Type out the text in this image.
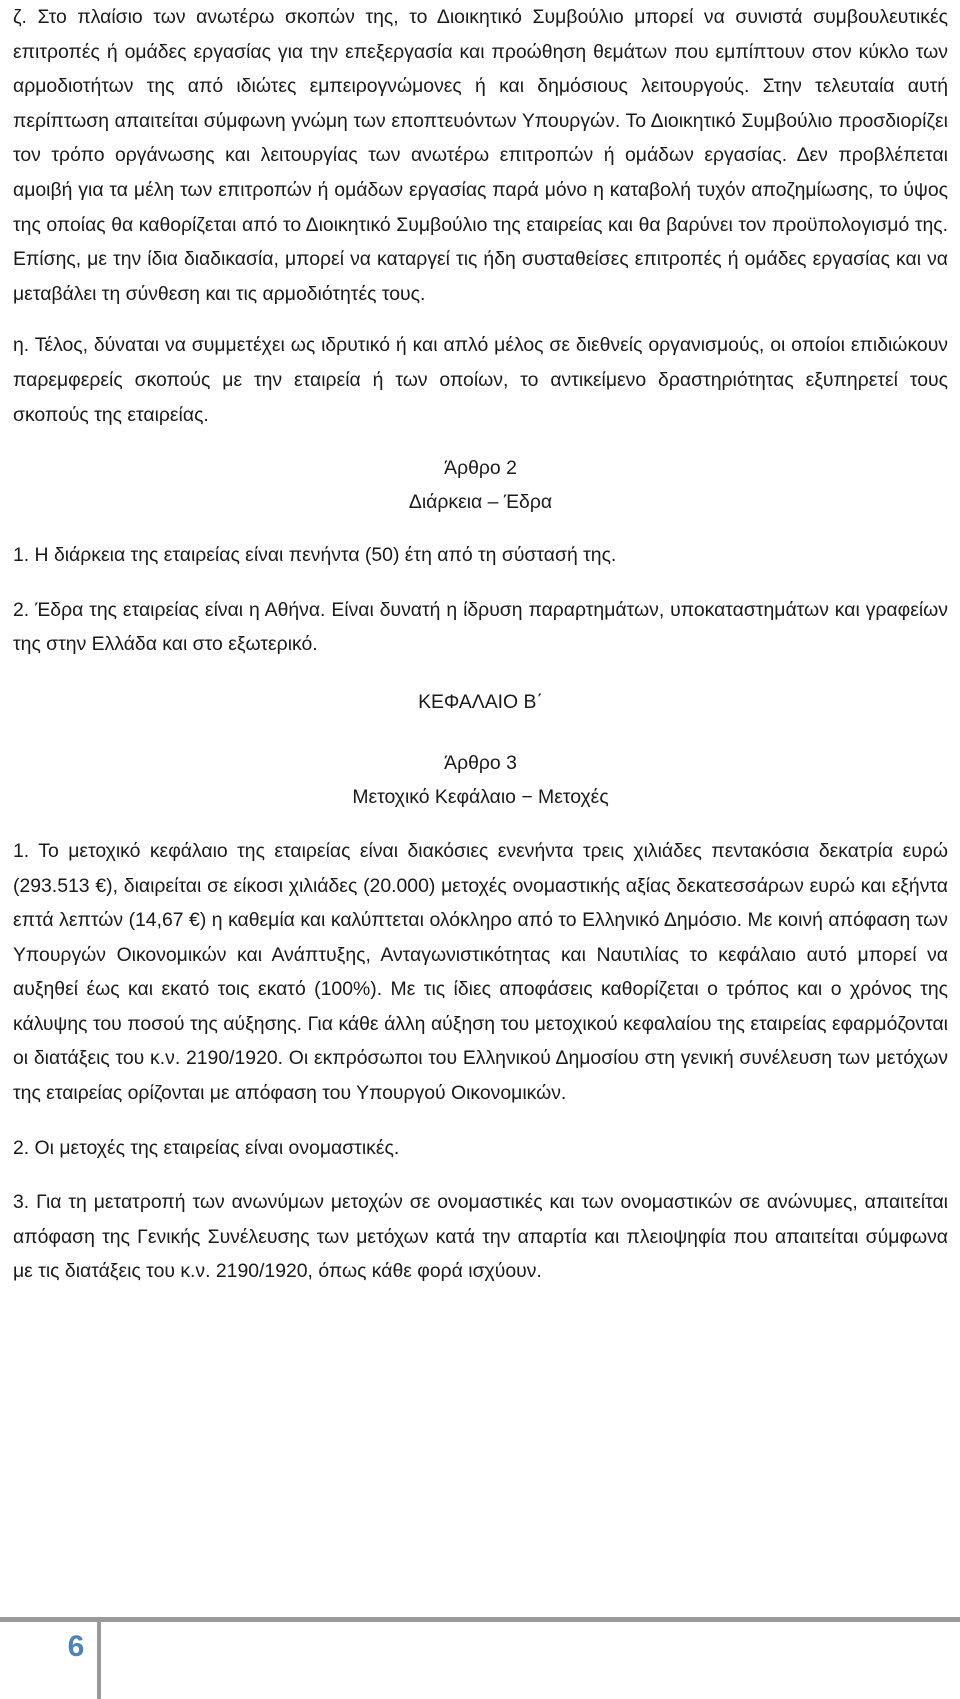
ζ. Στο πλαίσιο των ανωτέρω σκοπών της, το Διοικητικό Συμβούλιο μπορεί να συνιστά συμβουλευτικές επιτροπές ή ομάδες εργασίας για την επεξεργασία και προώθηση θεμάτων που εμπίπτουν στον κύκλο των αρμοδιοτήτων της από ιδιώτες εμπειρογνώμονες ή και δημόσιους λειτουργούς. Στην τελευταία αυτή περίπτωση απαιτείται σύμφωνη γνώμη των εποπτευόντων Υπουργών. Το Διοικητικό Συμβούλιο προσδιορίζει τον τρόπο οργάνωσης και λειτουργίας των ανωτέρω επιτροπών ή ομάδων εργασίας. Δεν προβλέπεται αμοιβή για τα μέλη των επιτροπών ή ομάδων εργασίας παρά μόνο η καταβολή τυχόν αποζημίωσης, το ύψος της οποίας θα καθορίζεται από το Διοικητικό Συμβούλιο της εταιρείας και θα βαρύνει τον προϋπολογισμό της. Επίσης, με την ίδια διαδικασία, μπορεί να καταργεί τις ήδη συσταθείσες επιτροπές ή ομάδες εργασίας και να μεταβάλει τη σύνθεση και τις αρμοδιότητές τους.

η. Τέλος, δύναται να συμμετέχει ως ιδρυτικό ή και απλό μέλος σε διεθνείς οργανισμούς, οι οποίοι επιδιώκουν παρεμφερείς σκοπούς με την εταιρεία ή των οποίων, το αντικείμενο δραστηριότητας εξυπηρετεί τους σκοπούς της εταιρείας.

Άρθρο 2

Διάρκεια – Έδρα

1. Η διάρκεια της εταιρείας είναι πενήντα (50) έτη από τη σύστασή της.

2. Έδρα της εταιρείας είναι η Αθήνα. Είναι δυνατή η ίδρυση παραρτημάτων, υποκαταστημάτων και γραφείων της στην Ελλάδα και στο εξωτερικό.

ΚΕΦΑΛΑΙΟ Β΄

Άρθρο 3

Μετοχικό Κεφάλαιο − Μετοχές

1. Το μετοχικό κεφάλαιο της εταιρείας είναι διακόσιες ενενήντα τρεις χιλιάδες πεντακόσια δεκατρία ευρώ (293.513 €), διαιρείται σε είκοσι χιλιάδες (20.000) μετοχές ονομαστικής αξίας δεκατεσσάρων ευρώ και εξήντα επτά λεπτών (14,67 €) η καθεμία και καλύπτεται ολόκληρο από το Ελληνικό Δημόσιο. Με κοινή απόφαση των Υπουργών Οικονομικών και Ανάπτυξης, Ανταγωνιστικότητας και Ναυτιλίας το κεφάλαιο αυτό μπορεί να αυξηθεί έως και εκατό τοις εκατό (100%). Με τις ίδιες αποφάσεις καθορίζεται ο τρόπος και ο χρόνος της κάλυψης του ποσού της αύξησης. Για κάθε άλλη αύξηση του μετοχικού κεφαλαίου της εταιρείας εφαρμόζονται οι διατάξεις του κ.ν. 2190/1920. Οι εκπρόσωποι του Ελληνικού Δημοσίου στη γενική συνέλευση των μετόχων της εταιρείας ορίζονται με απόφαση του Υπουργού Οικονομικών.

2. Οι μετοχές της εταιρείας είναι ονομαστικές.

3. Για τη μετατροπή των ανωνύμων μετοχών σε ονομαστικές και των ονομαστικών σε ανώνυμες, απαιτείται απόφαση της Γενικής Συνέλευσης των μετόχων κατά την απαρτία και πλειοψηφία που απαιτείται σύμφωνα με τις διατάξεις του κ.ν. 2190/1920, όπως κάθε φορά ισχύουν.

6
